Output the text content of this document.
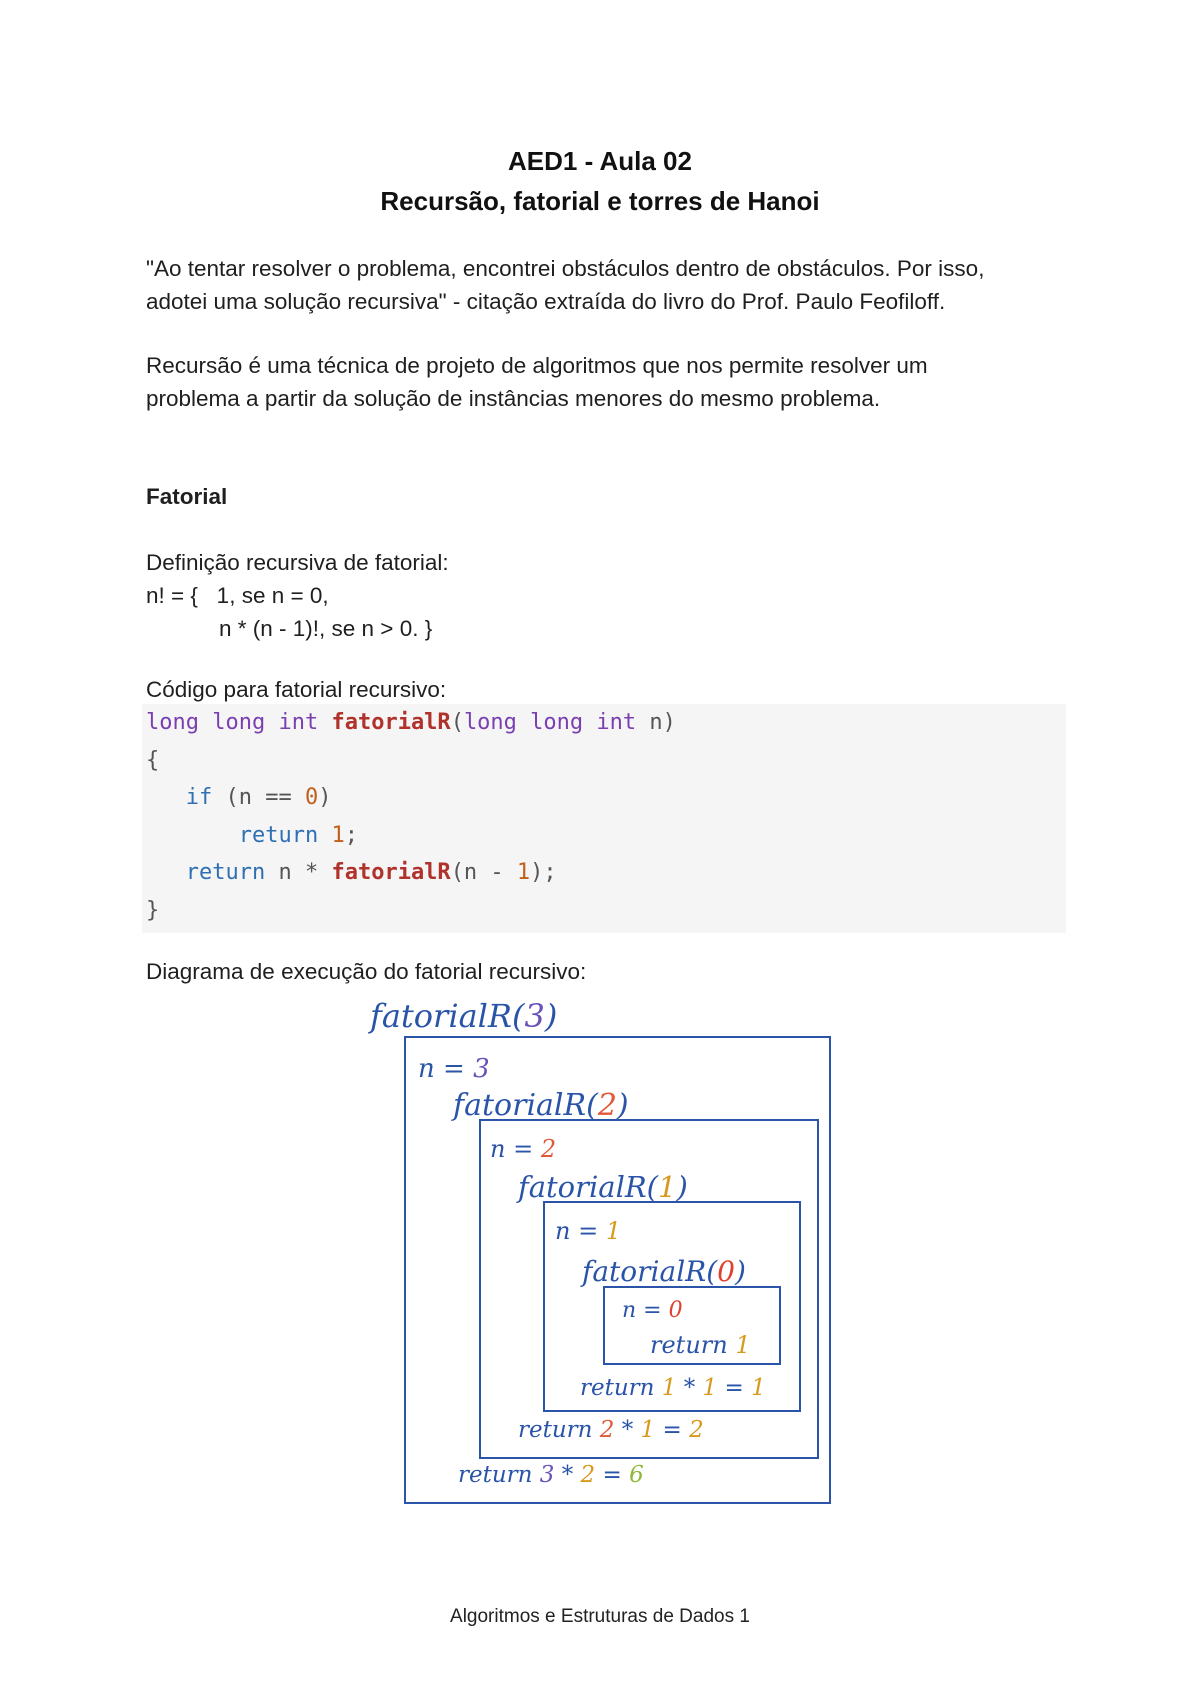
AED1 - Aula 02
Recursão, fatorial e torres de Hanoi
"Ao tentar resolver o problema, encontrei obstáculos dentro de obstáculos. Por isso,
adotei uma solução recursiva" - citação extraída do livro do Prof. Paulo Feofiloff.
Recursão é uma técnica de projeto de algoritmos que nos permite resolver um
problema a partir da solução de instâncias menores do mesmo problema.
Fatorial
Definição recursiva de fatorial:
n! = {   1, se n = 0,
n * (n - 1)!, se n > 0. }
Código para fatorial recursivo:
long long int fatorialR(long long int n)
{
if (n == 0)
return 1;
return n * fatorialR(n - 1);
}
Diagrama de execução do fatorial recursivo:
fatorialR(3)
n = 3
fatorialR(2)
n = 2
fatorialR(1)
n = 1
fatorialR(0)
n = 0
return 1
return 1 * 1 = 1
return 2 * 1 = 2
return 3 * 2 = 6
Algoritmos e Estruturas de Dados 1
